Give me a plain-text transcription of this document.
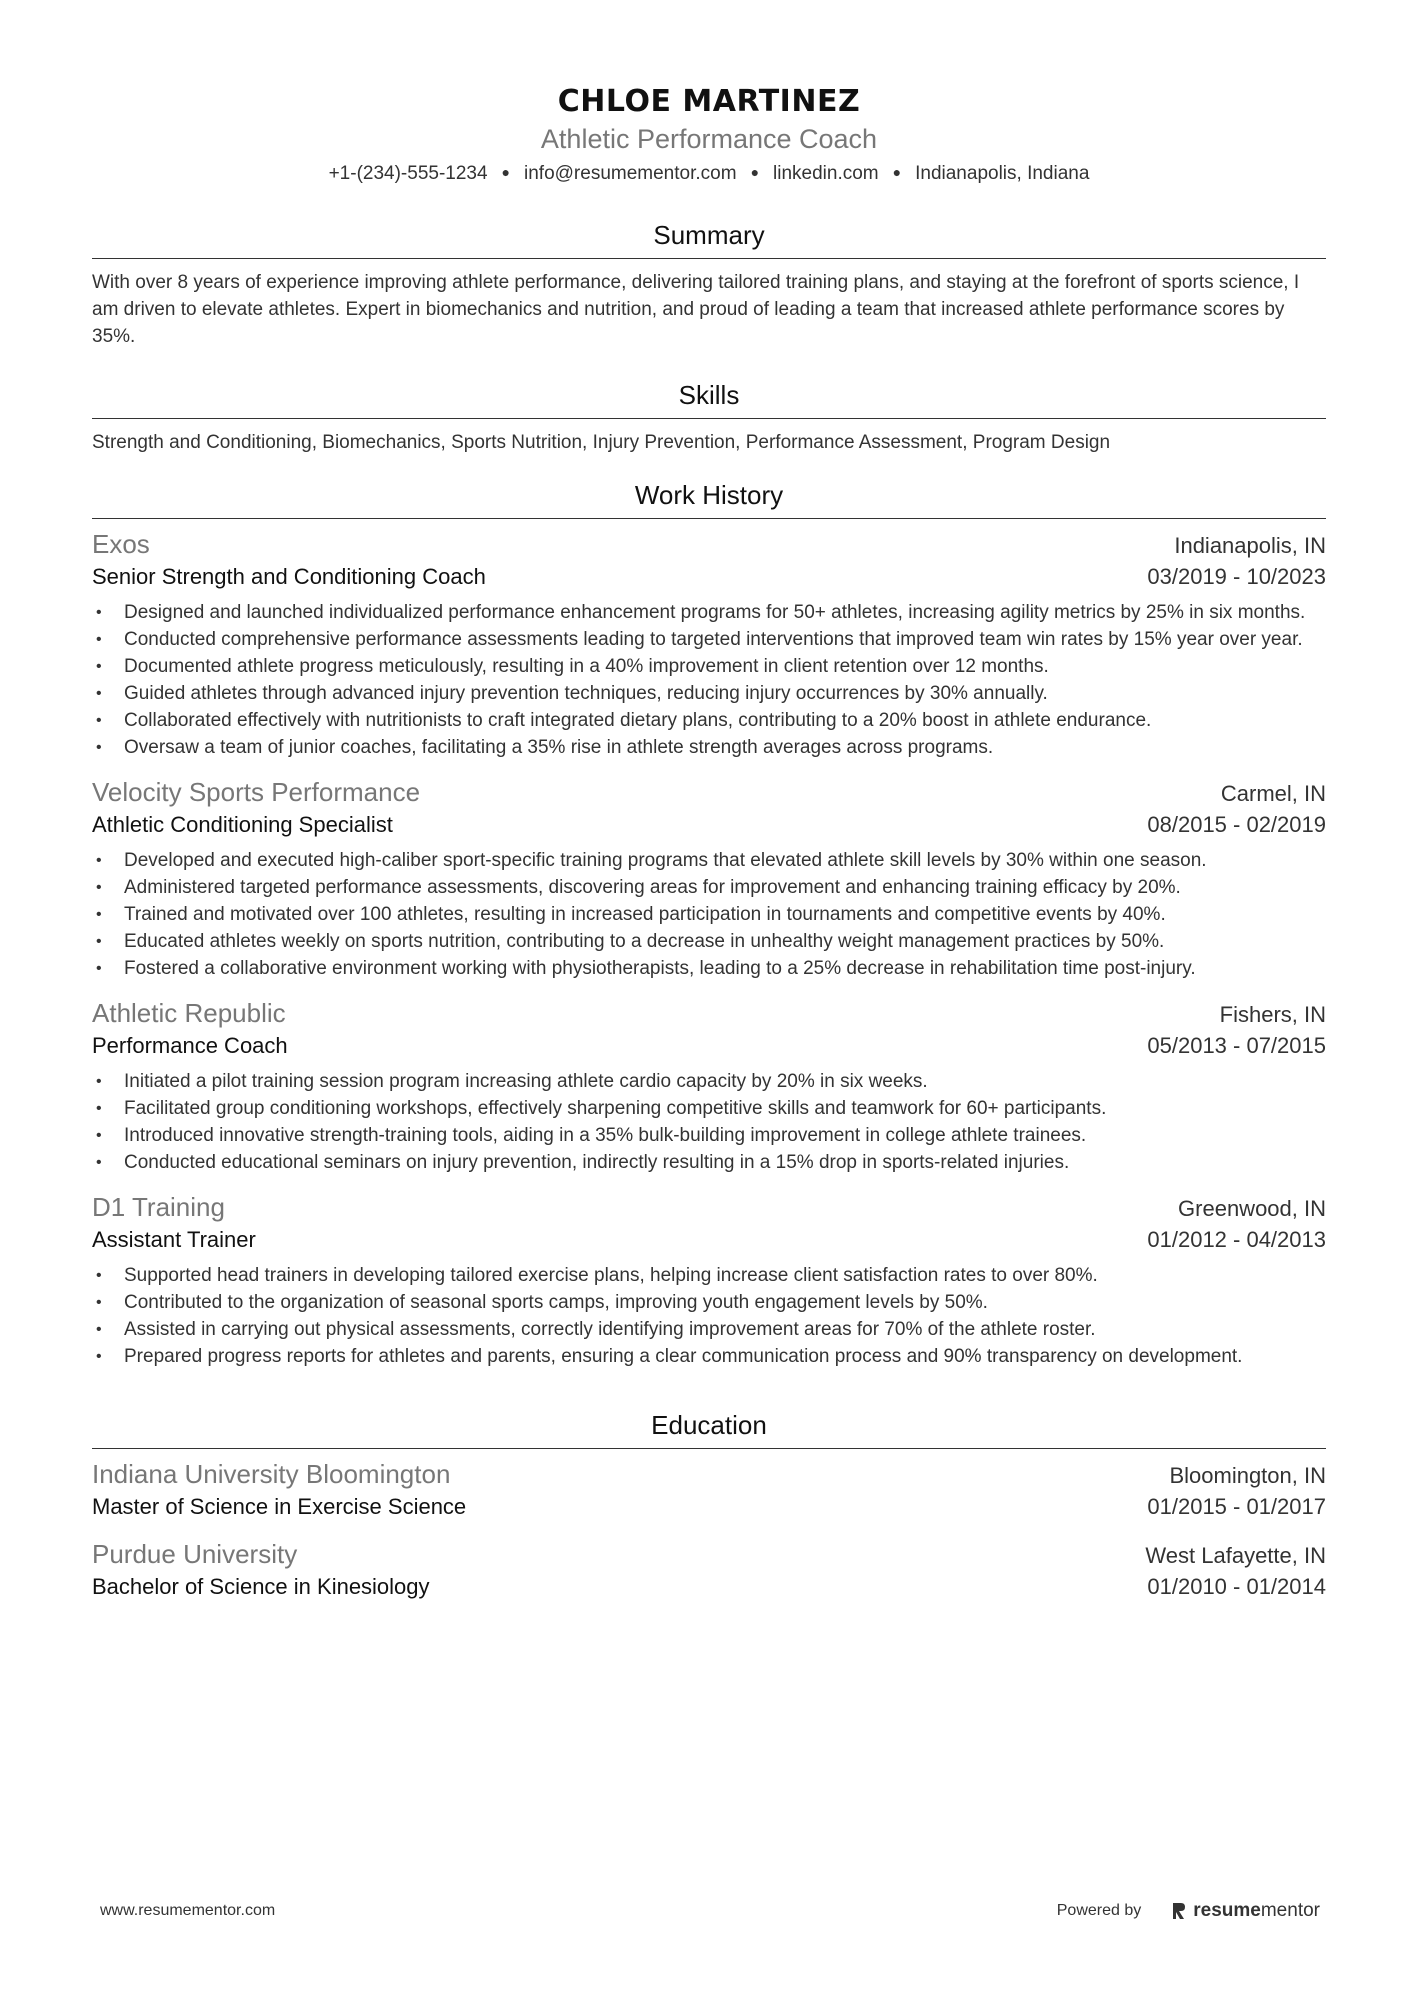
CHLOE MARTINEZ
Athletic Performance Coach
+1-(234)-555-1234 ● info@resumementor.com ● linkedin.com ● Indianapolis, Indiana
Summary
With over 8 years of experience improving athlete performance, delivering tailored training plans, and staying at the forefront of sports science, I am driven to elevate athletes. Expert in biomechanics and nutrition, and proud of leading a team that increased athlete performance scores by 35%.
Skills
Strength and Conditioning, Biomechanics, Sports Nutrition, Injury Prevention, Performance Assessment, Program Design
Work History
Exos	Indianapolis, IN
Senior Strength and Conditioning Coach	03/2019 - 10/2023
• Designed and launched individualized performance enhancement programs for 50+ athletes, increasing agility metrics by 25% in six months.
• Conducted comprehensive performance assessments leading to targeted interventions that improved team win rates by 15% year over year.
• Documented athlete progress meticulously, resulting in a 40% improvement in client retention over 12 months.
• Guided athletes through advanced injury prevention techniques, reducing injury occurrences by 30% annually.
• Collaborated effectively with nutritionists to craft integrated dietary plans, contributing to a 20% boost in athlete endurance.
• Oversaw a team of junior coaches, facilitating a 35% rise in athlete strength averages across programs.
Velocity Sports Performance	Carmel, IN
Athletic Conditioning Specialist	08/2015 - 02/2019
• Developed and executed high-caliber sport-specific training programs that elevated athlete skill levels by 30% within one season.
• Administered targeted performance assessments, discovering areas for improvement and enhancing training efficacy by 20%.
• Trained and motivated over 100 athletes, resulting in increased participation in tournaments and competitive events by 40%.
• Educated athletes weekly on sports nutrition, contributing to a decrease in unhealthy weight management practices by 50%.
• Fostered a collaborative environment working with physiotherapists, leading to a 25% decrease in rehabilitation time post-injury.
Athletic Republic	Fishers, IN
Performance Coach	05/2013 - 07/2015
• Initiated a pilot training session program increasing athlete cardio capacity by 20% in six weeks.
• Facilitated group conditioning workshops, effectively sharpening competitive skills and teamwork for 60+ participants.
• Introduced innovative strength-training tools, aiding in a 35% bulk-building improvement in college athlete trainees.
• Conducted educational seminars on injury prevention, indirectly resulting in a 15% drop in sports-related injuries.
D1 Training	Greenwood, IN
Assistant Trainer	01/2012 - 04/2013
• Supported head trainers in developing tailored exercise plans, helping increase client satisfaction rates to over 80%.
• Contributed to the organization of seasonal sports camps, improving youth engagement levels by 50%.
• Assisted in carrying out physical assessments, correctly identifying improvement areas for 70% of the athlete roster.
• Prepared progress reports for athletes and parents, ensuring a clear communication process and 90% transparency on development.
Education
Indiana University Bloomington	Bloomington, IN
Master of Science in Exercise Science	01/2015 - 01/2017
Purdue University	West Lafayette, IN
Bachelor of Science in Kinesiology	01/2010 - 01/2014
www.resumementor.com	Powered by	resume mentor
